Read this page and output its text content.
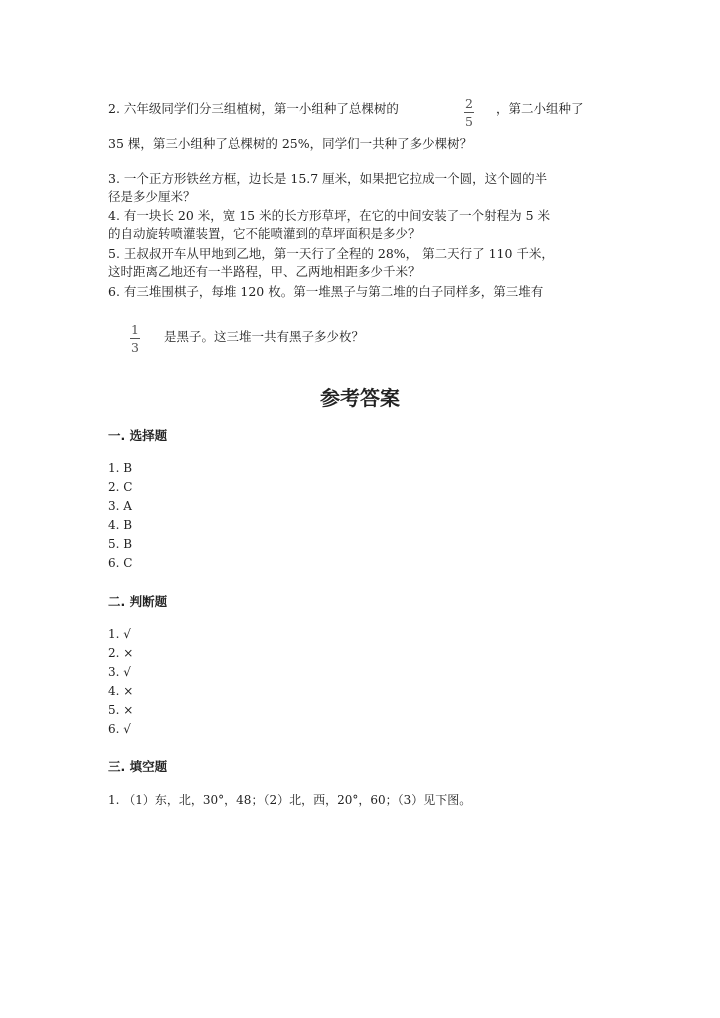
2. 六年级同学们分三组植树，第一小组种了总棵树的	2
5
，第二小组种了
35 棵，第三小组种了总棵树的 25%，同学们一共种了多少棵树？
3. 一个正方形铁丝方框，边长是 15.7 厘米，如果把它拉成一个圆，这个圆的半
径是多少厘米？
4. 有一块长 20 米，宽 15 米的长方形草坪，在它的中间安装了一个射程为 5 米
的自动旋转喷灌装置，它不能喷灌到的草坪面积是多少？
5. 王叔叔开车从甲地到乙地，第一天行了全程的 28%， 第二天行了 110 千米，
这时距离乙地还有一半路程，甲、乙两地相距多少千米？
6. 有三堆围棋子，每堆 120 枚。第一堆黑子与第二堆的白子同样多，第三堆有
1
3
是黑子。这三堆一共有黑子多少枚？
参考答案
一. 选择题
1. B
2. C
3. A
4. B
5. B
6. C
二. 判断题
1. √
2. ×
3. √
4. ×
5. ×
6. √
三. 填空题
1. （1）东，北，30°，48；（2）北，西，20°，60；（3）见下图。
